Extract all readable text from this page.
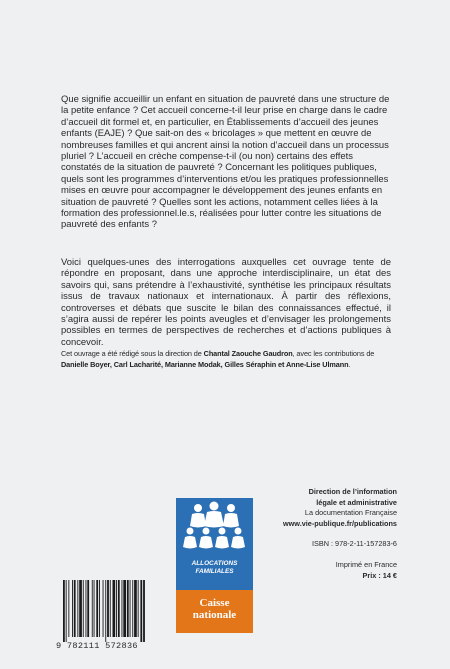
Que signifie accueillir un enfant en situation de pauvreté dans une structure de la petite enfance ? Cet accueil concerne-t-il leur prise en charge dans le cadre d’accueil dit formel et, en particulier, en Établissements d’accueil des jeunes enfants (EAJE) ? Que sait-on des « bricolages » que mettent en œuvre de nombreuses familles et qui ancrent ainsi la notion d’accueil dans un processus pluriel ? L’accueil en crèche compense-t-il (ou non) certains des effets constatés de la situation de pauvreté ? Concernant les politiques publiques, quels sont les programmes d’interventions et/ou les pratiques professionnelles mises en œuvre pour accompagner le développement des jeunes enfants en situation de pauvreté ? Quelles sont les actions, notamment celles liées à la formation des professionnel.le.s, réalisées pour lutter contre les situations de pauvreté des enfants ?

Voici quelques-unes des interrogations auxquelles cet ouvrage tente de répondre en proposant, dans une approche interdisciplinaire, un état des savoirs qui, sans prétendre à l’exhaustivité, synthétise les principaux résultats issus de travaux nationaux et internationaux. À partir des réflexions, controverses et débats que suscite le bilan des connaissances effectué, il s’agira aussi de repérer les points aveugles et d’envisager les prolongements possibles en termes de perspectives de recherches et d’actions publiques à concevoir.

Cet ouvrage a été rédigé sous la direction de Chantal Zaouche Gaudron, avec les contributions de Danielle Boyer, Carl Lacharité, Marianne Modak, Gilles Séraphin et Anne-Lise Ulmann.

ALLOCATIONS
FAMILIALES
Caisse
nationale
Direction de l’information
légale et administrative
La documentation Française
www.vie-publique.fr/publications
ISBN : 978-2-11-157283-6
Imprimé en France
Prix : 14 €
9 782111 572836
